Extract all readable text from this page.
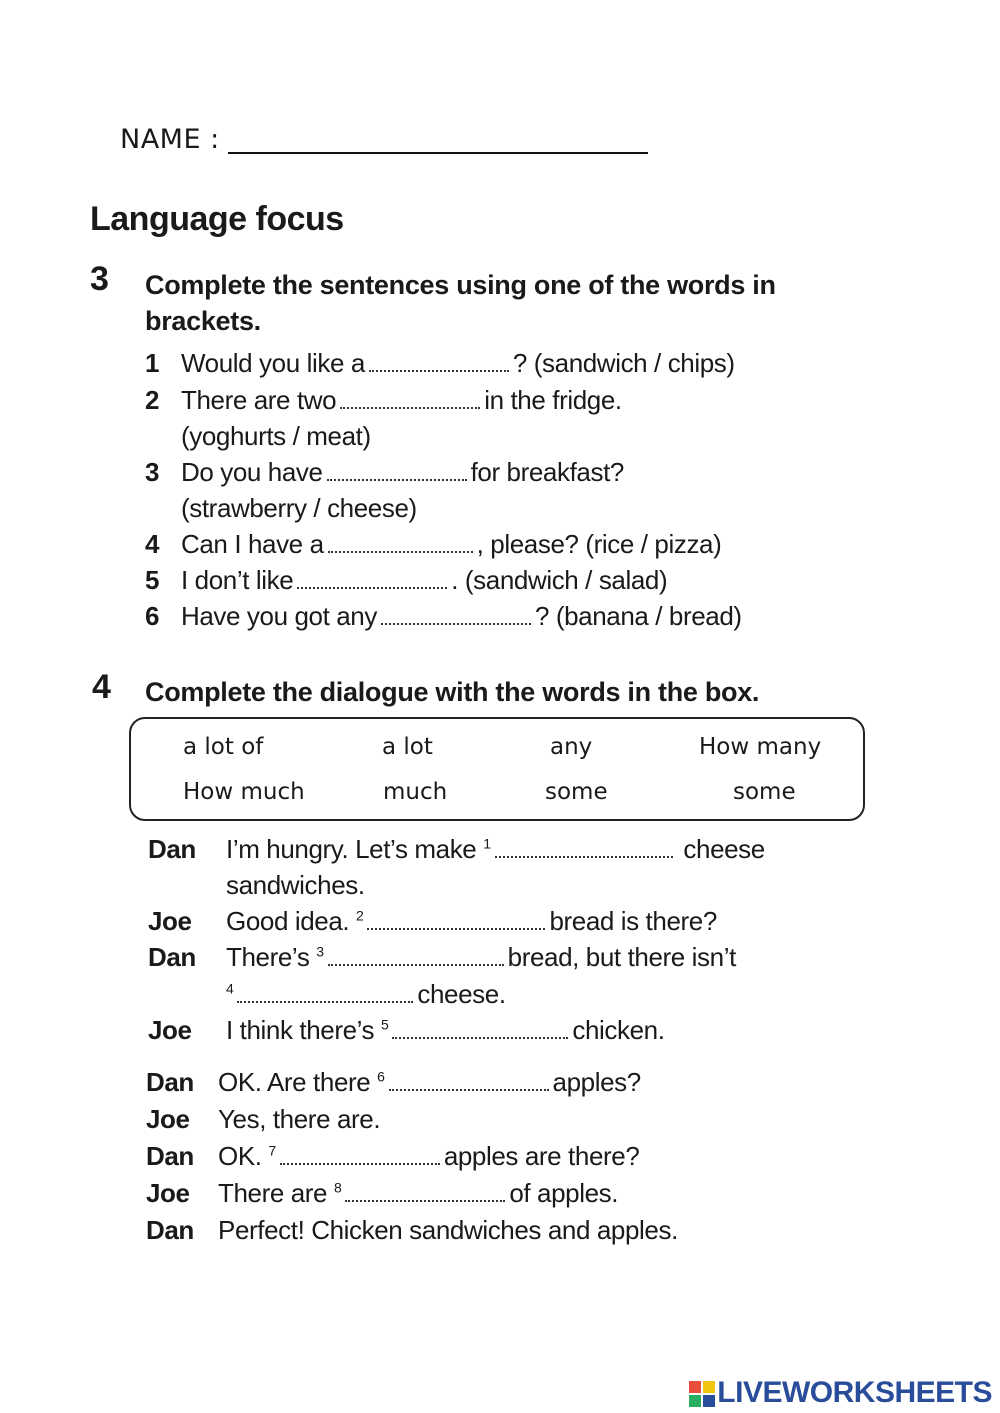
NAME :
Language focus
3 Complete the sentences using one of the words in
brackets.
1 Would you like a	? (sandwich / chips)
2 There are two	in the fridge.
(yoghurts / meat)
3 Do you have	for breakfast?
(strawberry / cheese)
4 Can I have a	, please? (rice / pizza)
5 I don’t like	. (sandwich / salad)
6 Have you got any	? (banana / bread)
4 Complete the dialogue with the words in the box.
a lot of	a lot	any	How many
How much	much	some	some
Dan I’m hungry. Let’s make $^1$	cheese
sandwiches.
Joe Good idea. $^2$	bread is there?
Dan There’s $^3$	bread, but there isn’t
$^4$	cheese.
Joe I think there’s $^5$	chicken.
Dan OK. Are there $^6$	apples?
Joe Yes, there are.
Dan OK. $^7$	apples are there?
Joe There are $^8$	of apples.
Dan Perfect! Chicken sandwiches and apples.
LIVEWORKSHEETS
